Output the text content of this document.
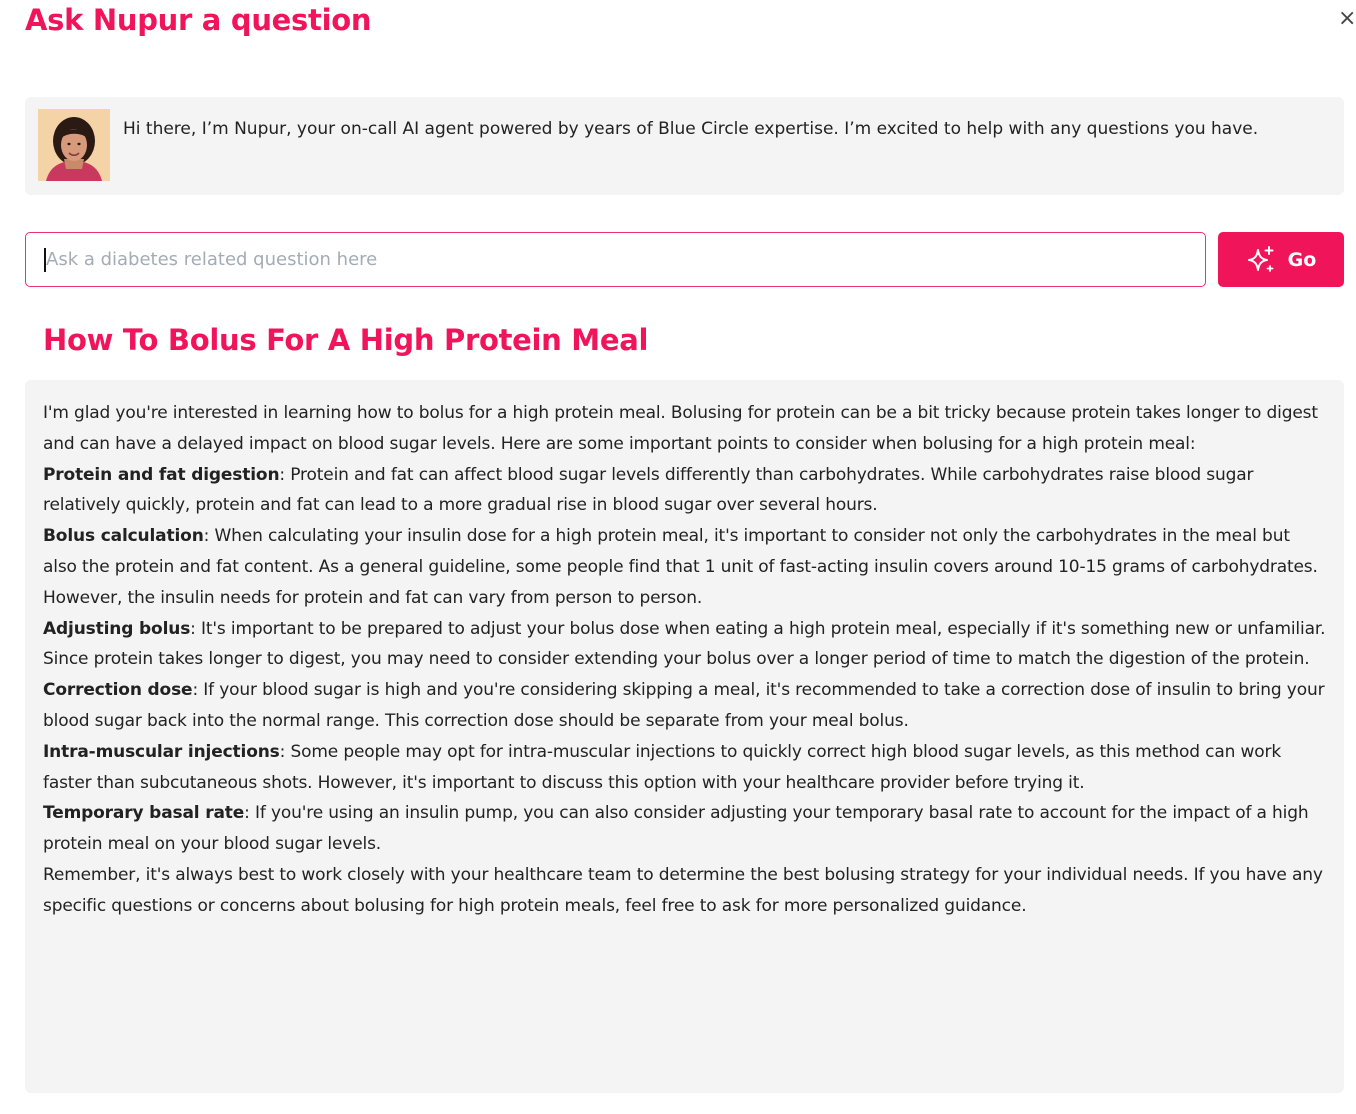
Ask Nupur a question	×

Hi there, I’m Nupur, your on-call AI agent powered by years of Blue Circle expertise. I’m excited to help with any questions you have.

Ask a diabetes related question here
Go
How To Bolus For A High Protein Meal

I'm glad you're interested in learning how to bolus for a high protein meal. Bolusing for protein can be a bit tricky because protein takes longer to digest and can have a delayed impact on blood sugar levels. Here are some important points to consider when bolusing for a high protein meal:

Protein and fat digestion: Protein and fat can affect blood sugar levels differently than carbohydrates. While carbohydrates raise blood sugar relatively quickly, protein and fat can lead to a more gradual rise in blood sugar over several hours.

Bolus calculation: When calculating your insulin dose for a high protein meal, it's important to consider not only the carbohydrates in the meal but also the protein and fat content. As a general guideline, some people find that 1 unit of fast-acting insulin covers around 10-15 grams of carbohydrates. However, the insulin needs for protein and fat can vary from person to person.

Adjusting bolus: It's important to be prepared to adjust your bolus dose when eating a high protein meal, especially if it's something new or unfamiliar. Since protein takes longer to digest, you may need to consider extending your bolus over a longer period of time to match the digestion of the protein.

Correction dose: If your blood sugar is high and you're considering skipping a meal, it's recommended to take a correction dose of insulin to bring your blood sugar back into the normal range. This correction dose should be separate from your meal bolus.

Intra-muscular injections: Some people may opt for intra-muscular injections to quickly correct high blood sugar levels, as this method can work faster than subcutaneous shots. However, it's important to discuss this option with your healthcare provider before trying it.

Temporary basal rate: If you're using an insulin pump, you can also consider adjusting your temporary basal rate to account for the impact of a high protein meal on your blood sugar levels.

Remember, it's always best to work closely with your healthcare team to determine the best bolusing strategy for your individual needs. If you have any specific questions or concerns about bolusing for high protein meals, feel free to ask for more personalized guidance.
